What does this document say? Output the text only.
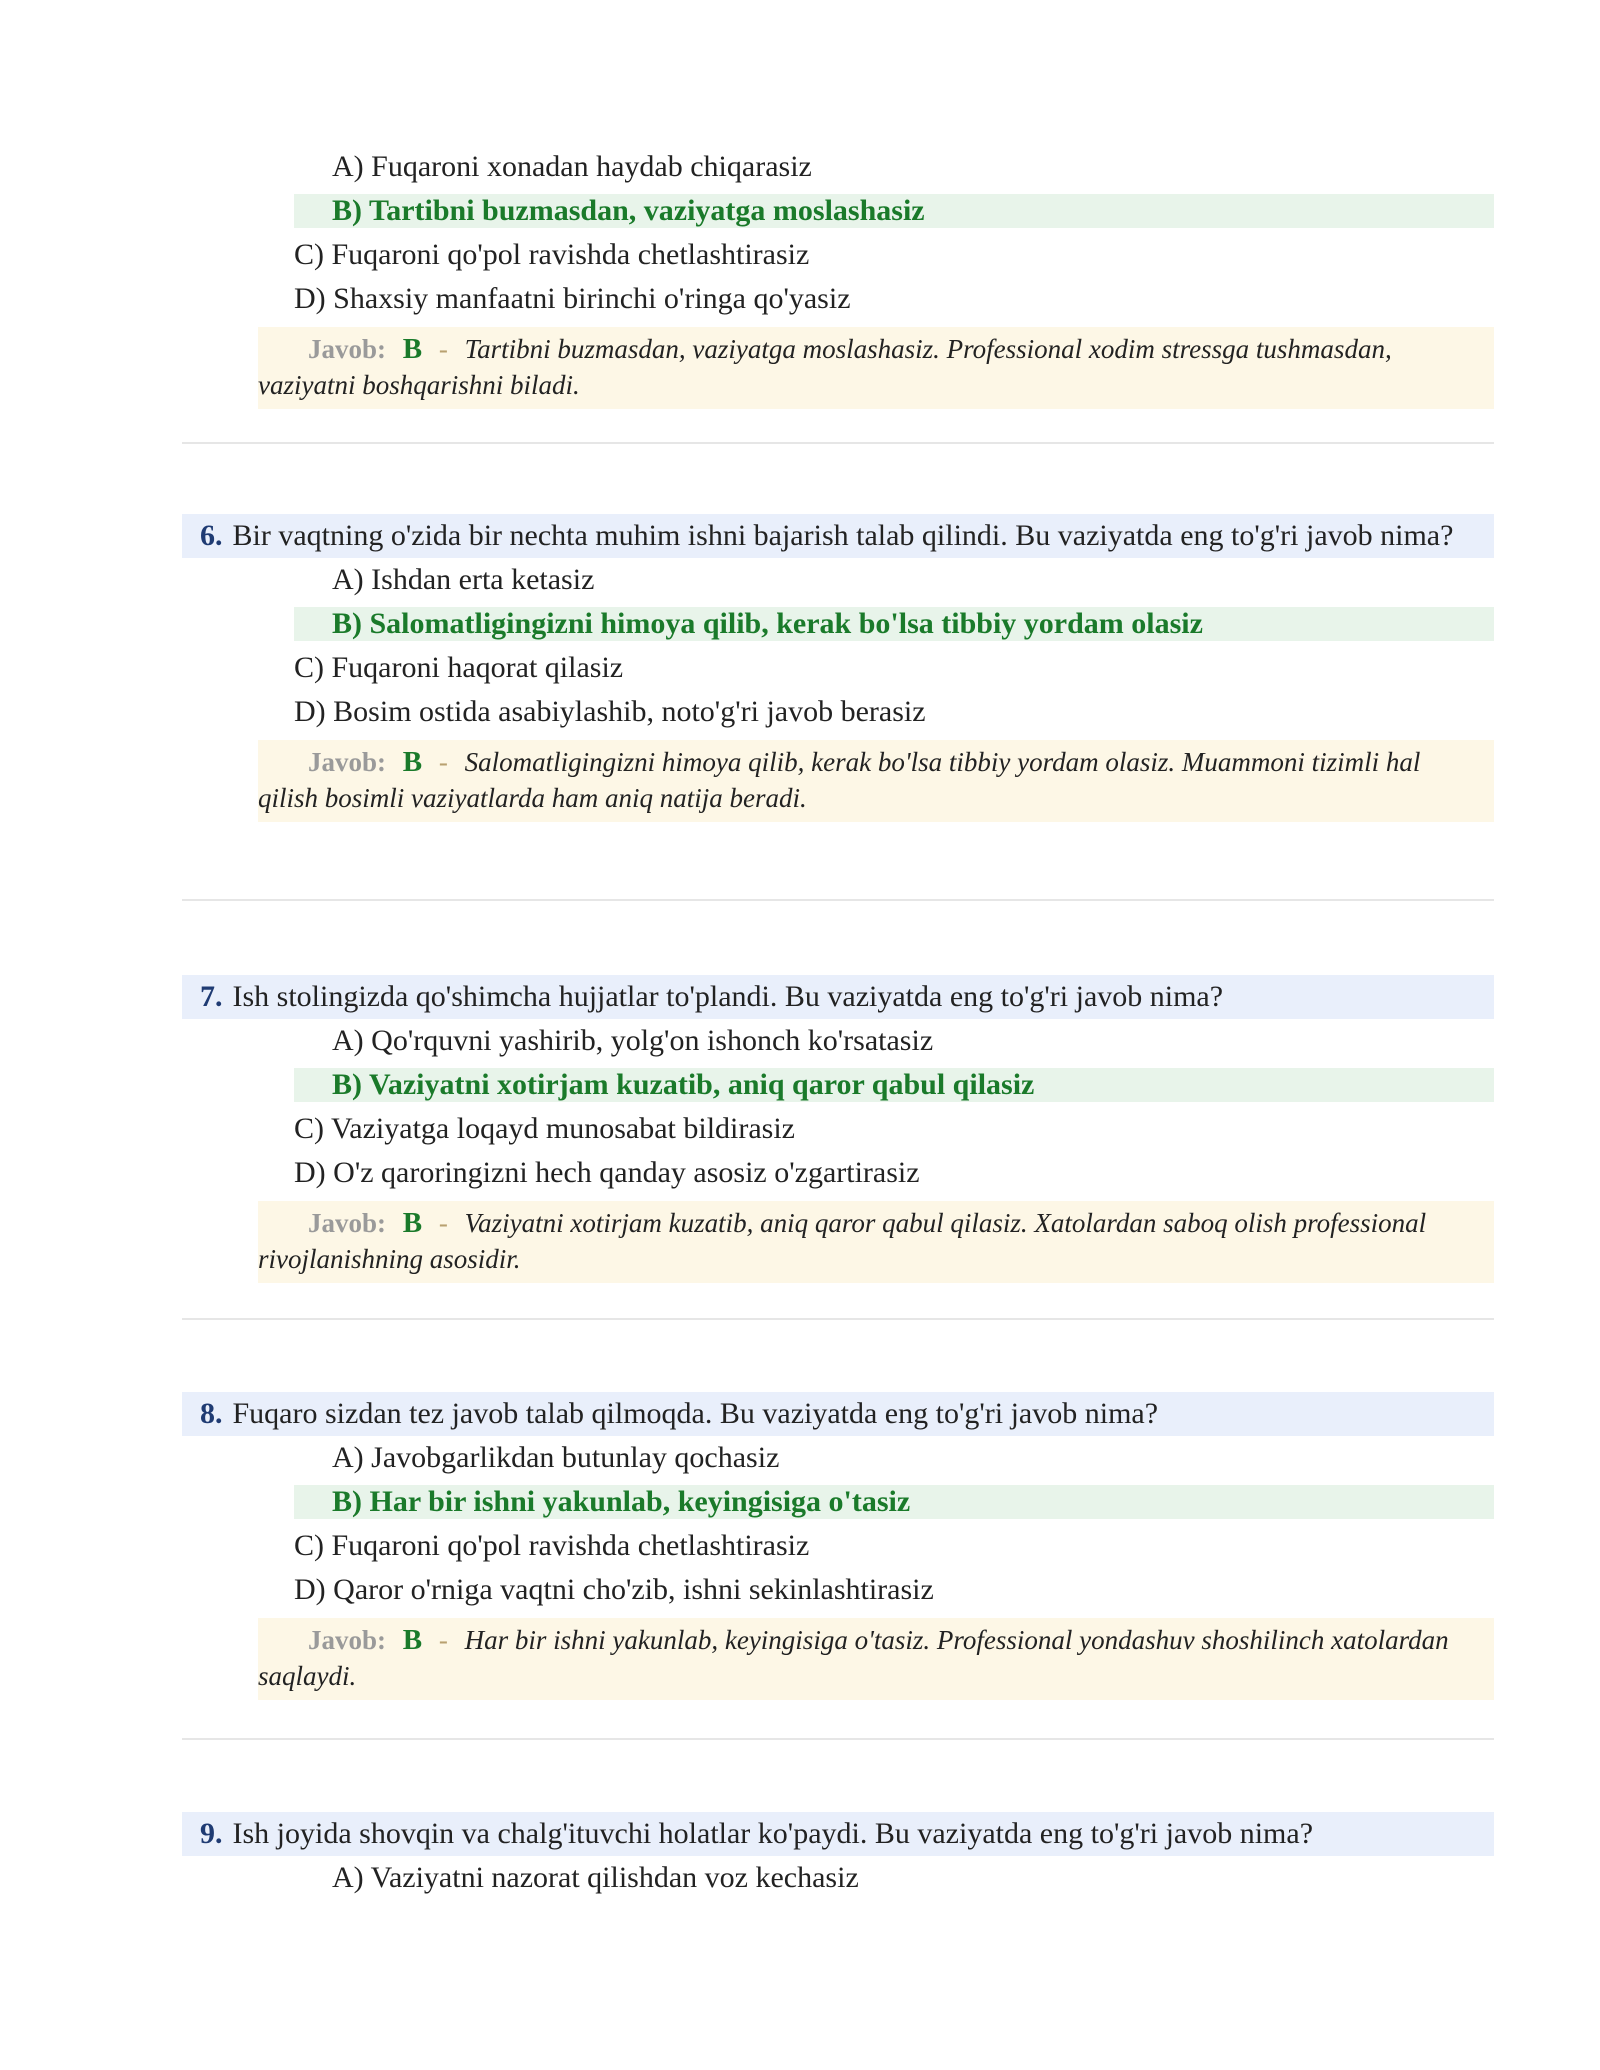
A) Fuqaroni xonadan haydab chiqarasiz
B) Tartibni buzmasdan, vaziyatga moslashasiz
C) Fuqaroni qo'pol ravishda chetlashtirasiz
D) Shaxsiy manfaatni birinchi o'ringa qo'yasiz
Javob: B - Tartibni buzmasdan, vaziyatga moslashasiz. Professional xodim stressga tushmasdan, vaziyatni boshqarishni biladi.
6. Bir vaqtning o'zida bir nechta muhim ishni bajarish talab qilindi. Bu vaziyatda eng to'g'ri javob nima?
A) Ishdan erta ketasiz
B) Salomatligingizni himoya qilib, kerak bo'lsa tibbiy yordam olasiz
C) Fuqaroni haqorat qilasiz
D) Bosim ostida asabiylashib, noto'g'ri javob berasiz
Javob: B - Salomatligingizni himoya qilib, kerak bo'lsa tibbiy yordam olasiz. Muammoni tizimli hal qilish bosimli vaziyatlarda ham aniq natija beradi.
7. Ish stolingizda qo'shimcha hujjatlar to'plandi. Bu vaziyatda eng to'g'ri javob nima?
A) Qo'rquvni yashirib, yolg'on ishonch ko'rsatasiz
B) Vaziyatni xotirjam kuzatib, aniq qaror qabul qilasiz
C) Vaziyatga loqayd munosabat bildirasiz
D) O'z qaroringizni hech qanday asosiz o'zgartirasiz
Javob: B - Vaziyatni xotirjam kuzatib, aniq qaror qabul qilasiz. Xatolardan saboq olish professional rivojlanishning asosidir.
8. Fuqaro sizdan tez javob talab qilmoqda. Bu vaziyatda eng to'g'ri javob nima?
A) Javobgarlikdan butunlay qochasiz
B) Har bir ishni yakunlab, keyingisiga o'tasiz
C) Fuqaroni qo'pol ravishda chetlashtirasiz
D) Qaror o'rniga vaqtni cho'zib, ishni sekinlashtirasiz
Javob: B - Har bir ishni yakunlab, keyingisiga o'tasiz. Professional yondashuv shoshilinch xatolardan saqlaydi.
9. Ish joyida shovqin va chalg'ituvchi holatlar ko'paydi. Bu vaziyatda eng to'g'ri javob nima?
A) Vaziyatni nazorat qilishdan voz kechasiz
